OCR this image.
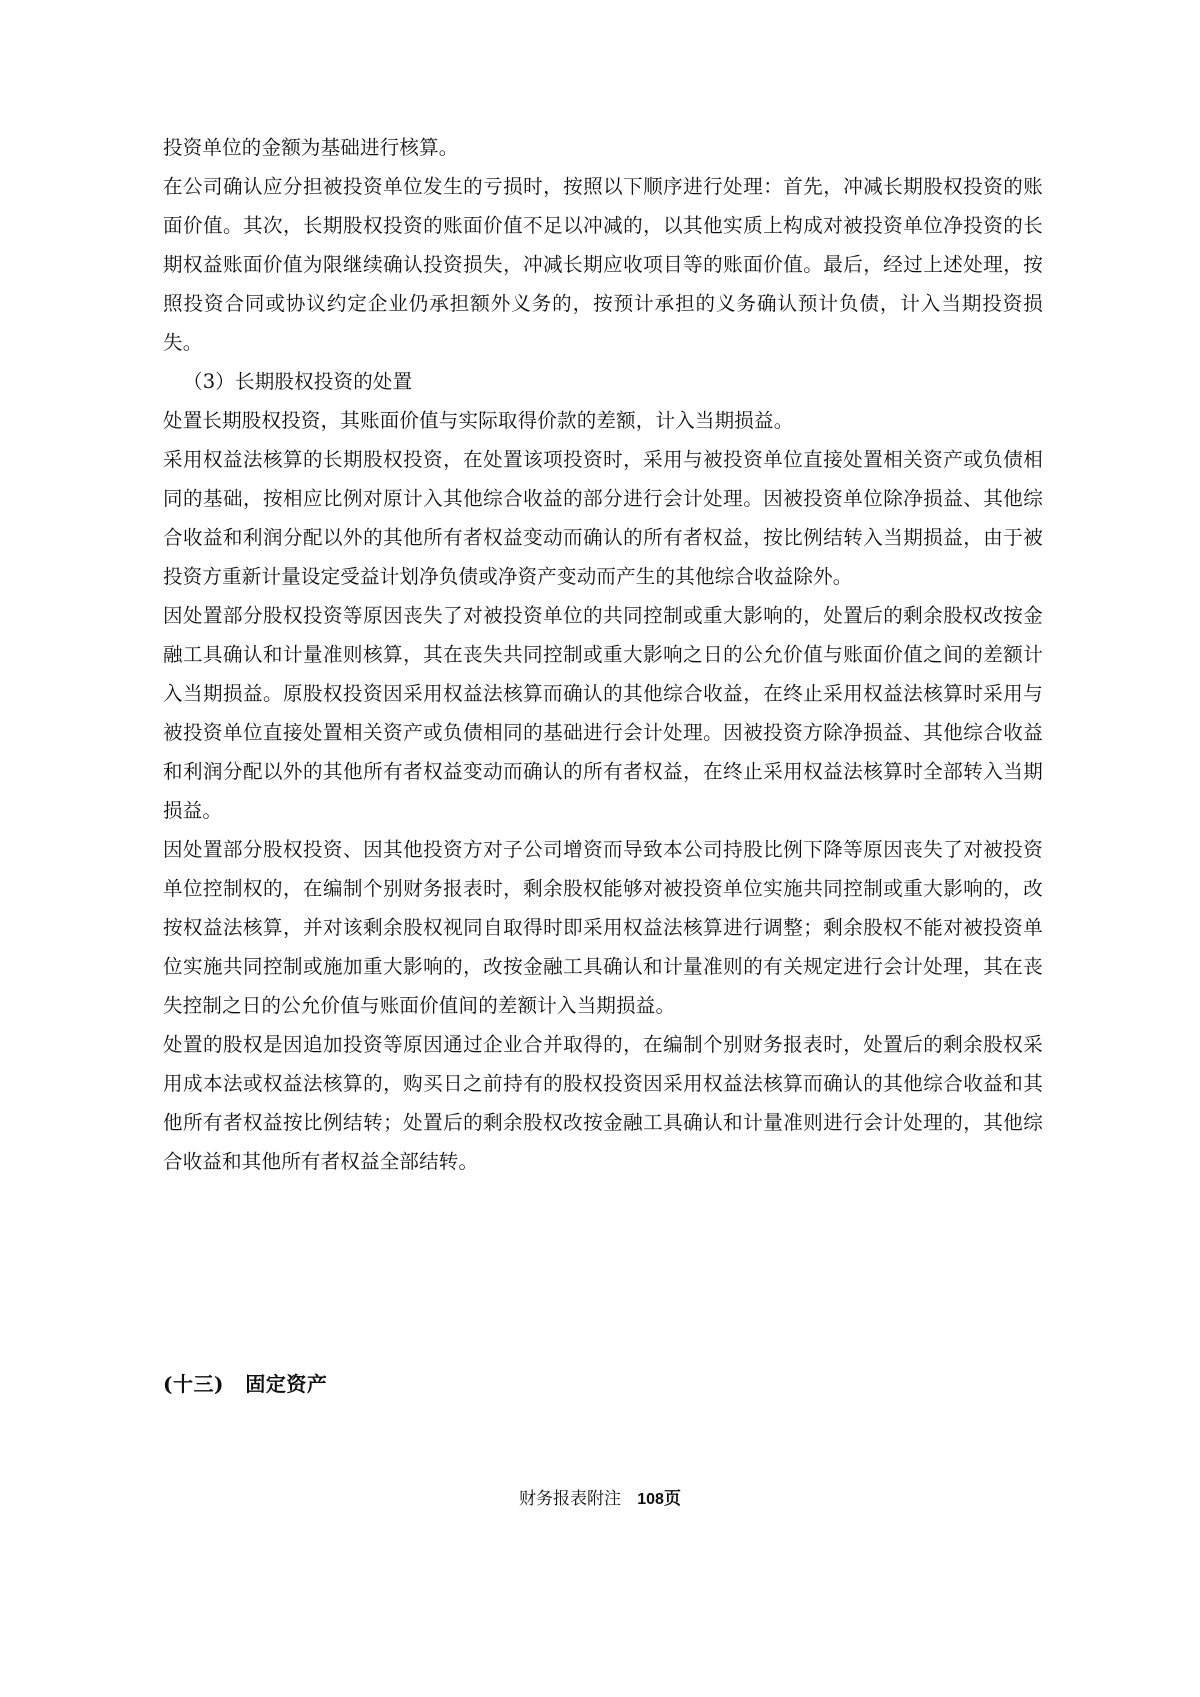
投资单位的金额为基础进行核算。

在公司确认应分担被投资单位发生的亏损时，按照以下顺序进行处理：首先，冲减长期股权投资的账面价值。其次，长期股权投资的账面价值不足以冲减的，以其他实质上构成对被投资单位净投资的长期权益账面价值为限继续确认投资损失，冲减长期应收项目等的账面价值。最后，经过上述处理，按照投资合同或协议约定企业仍承担额外义务的，按预计承担的义务确认预计负债，计入当期投资损失。

（3）长期股权投资的处置

处置长期股权投资，其账面价值与实际取得价款的差额，计入当期损益。

采用权益法核算的长期股权投资，在处置该项投资时，采用与被投资单位直接处置相关资产或负债相同的基础，按相应比例对原计入其他综合收益的部分进行会计处理。因被投资单位除净损益、其他综合收益和利润分配以外的其他所有者权益变动而确认的所有者权益，按比例结转入当期损益，由于被投资方重新计量设定受益计划净负债或净资产变动而产生的其他综合收益除外。

因处置部分股权投资等原因丧失了对被投资单位的共同控制或重大影响的，处置后的剩余股权改按金融工具确认和计量准则核算，其在丧失共同控制或重大影响之日的公允价值与账面价值之间的差额计入当期损益。原股权投资因采用权益法核算而确认的其他综合收益，在终止采用权益法核算时采用与被投资单位直接处置相关资产或负债相同的基础进行会计处理。因被投资方除净损益、其他综合收益和利润分配以外的其他所有者权益变动而确认的所有者权益，在终止采用权益法核算时全部转入当期损益。

因处置部分股权投资、因其他投资方对子公司增资而导致本公司持股比例下降等原因丧失了对被投资单位控制权的，在编制个别财务报表时，剩余股权能够对被投资单位实施共同控制或重大影响的，改按权益法核算，并对该剩余股权视同自取得时即采用权益法核算进行调整；剩余股权不能对被投资单位实施共同控制或施加重大影响的，改按金融工具确认和计量准则的有关规定进行会计处理，其在丧失控制之日的公允价值与账面价值间的差额计入当期损益。

处置的股权是因追加投资等原因通过企业合并取得的，在编制个别财务报表时，处置后的剩余股权采用成本法或权益法核算的，购买日之前持有的股权投资因采用权益法核算而确认的其他综合收益和其他所有者权益按比例结转；处置后的剩余股权改按金融工具确认和计量准则进行会计处理的，其他综合收益和其他所有者权益全部结转。

(十三) 固定资产
财务报表附注 108页
